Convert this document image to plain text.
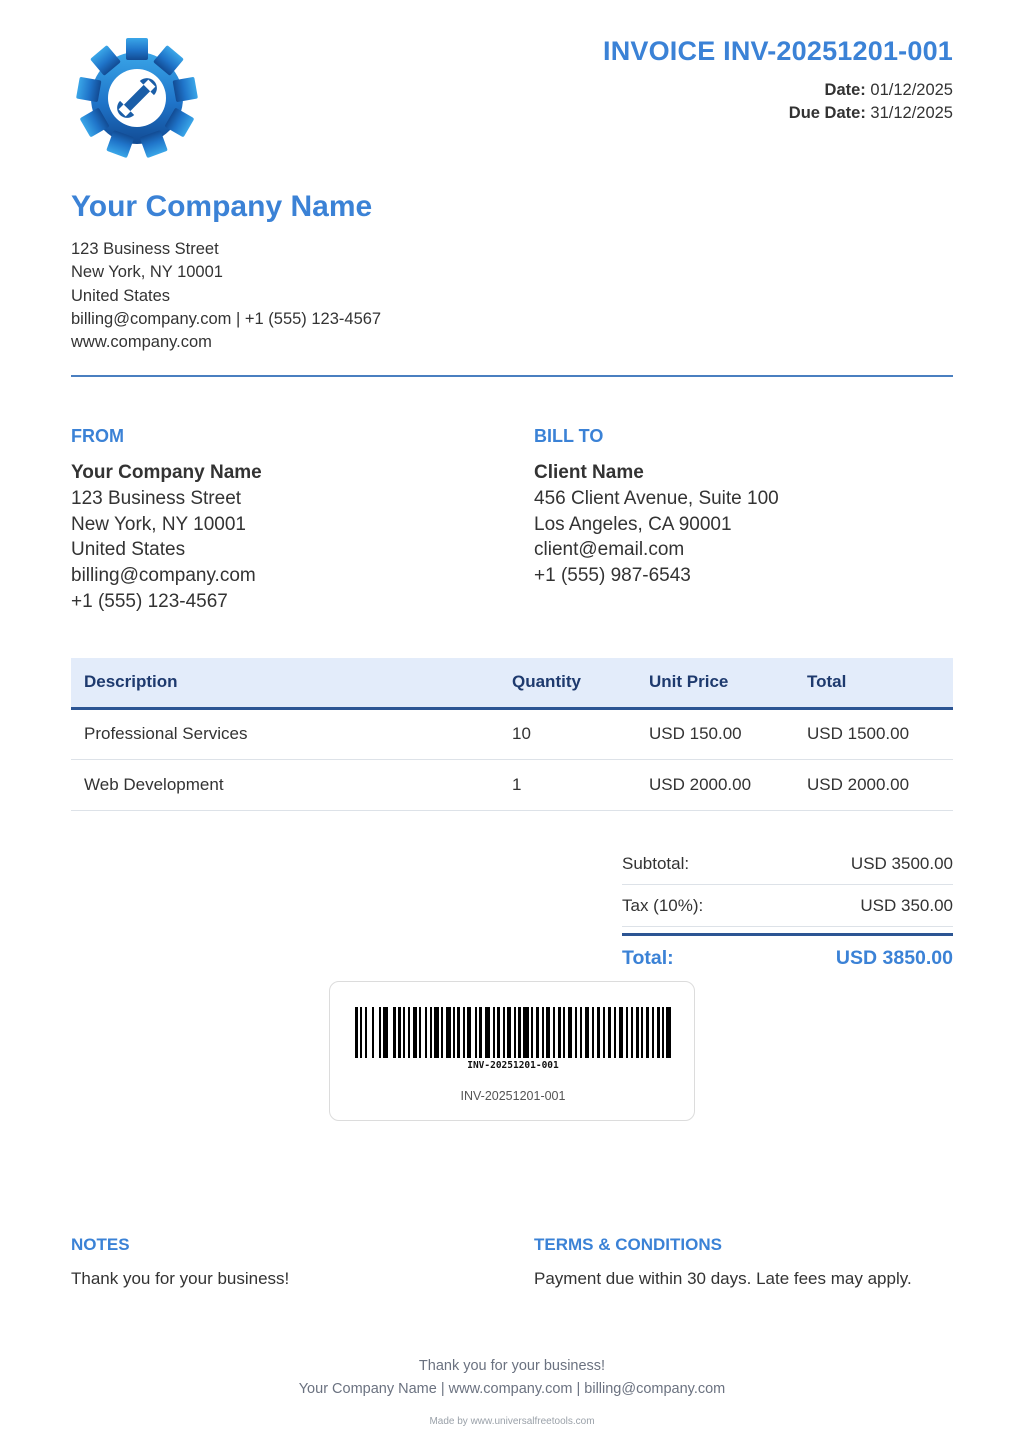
INVOICE INV-20251201-001
Date: 01/12/2025
Due Date: 31/12/2025
Your Company Name
123 Business Street
New York, NY 10001
United States
billing@company.com | +1 (555) 123-4567
www.company.com
FROM
Your Company Name
123 Business Street
New York, NY 10001
United States
billing@company.com
+1 (555) 123-4567
BILL TO
Client Name
456 Client Avenue, Suite 100
Los Angeles, CA 90001
client@email.com
+1 (555) 987-6543
Description	Quantity	Unit Price	Total
Professional Services	10	USD 150.00	USD 1500.00
Web Development	1	USD 2000.00	USD 2000.00
Subtotal:	USD 3500.00
Tax (10%):	USD 350.00
Total:	USD 3850.00
INV-20251201-001
INV-20251201-001
NOTES
Thank you for your business!
TERMS & CONDITIONS
Payment due within 30 days. Late fees may apply.
Thank you for your business!
Your Company Name | www.company.com | billing@company.com
Made by www.universalfreetools.com
